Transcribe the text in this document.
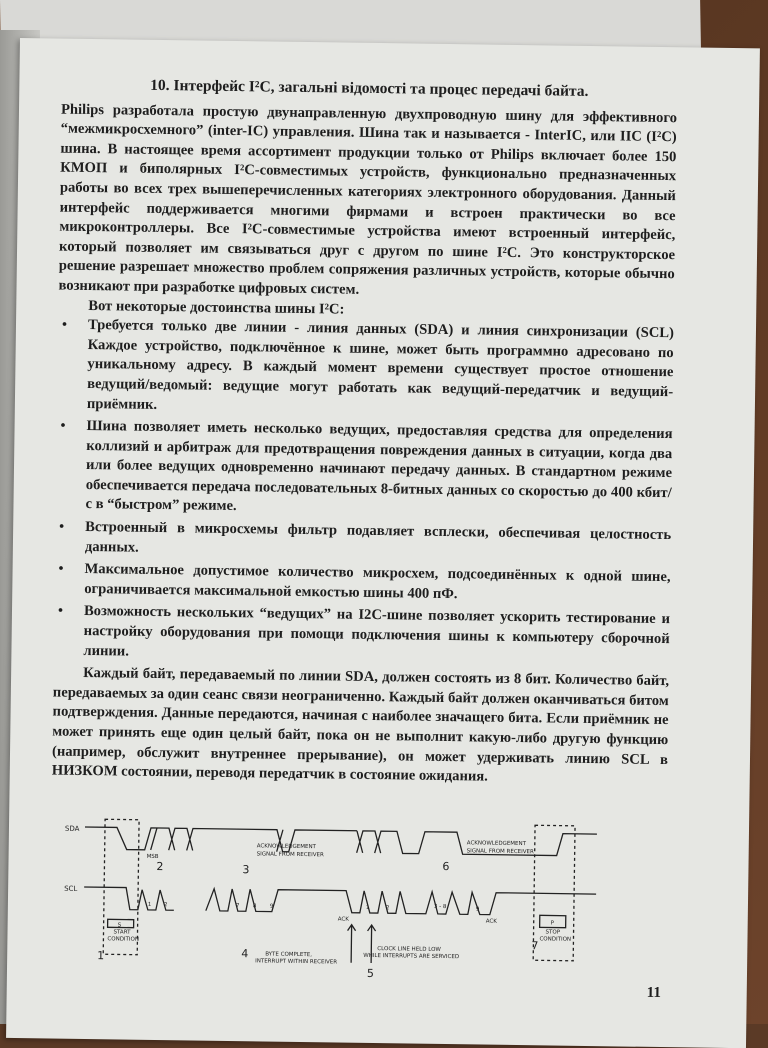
10. Інтерфейс I²C, загальні відомості та процес передачі байта.

Philips разработала простую двунаправленную двухпроводную шину для эффективного “межмикросхемного” (inter-IC) управления. Шина так и называется - InterIC, или IIC (I²C) шина. В настоящее время ассортимент продукции только от Philips включает более 150 КМОП и биполярных I²C-совместимых устройств, функционально предназначенных работы во всех трех вышеперечисленных категориях электронного оборудования. Данный интерфейс поддерживается многими фирмами и встроен практически во все микроконтроллеры. Все I²C-совместимые устройства имеют встроенный интерфейс, который позволяет им связываться друг с другом по шине I²C. Это конструкторское решение разрешает множество проблем сопряжения различных устройств, которые обычно возникают при разработке цифровых систем.

Вот некоторые достоинства шины I²C:

• Требуется только две линии - линия данных (SDA) и линия синхронизации (SCL) Каждое устройство, подключённое к шине, может быть программно адресовано по уникальному адресу. В каждый момент времени существует простое отношение ведущий/ведомый: ведущие могут работать как ведущий-передатчик и ведущий-приёмник.
• Шина позволяет иметь несколько ведущих, предоставляя средства для определения коллизий и арбитраж для предотвращения повреждения данных в ситуации, когда два или более ведущих одновременно начинают передачу данных. В стандартном режиме обеспечивается передача последовательных 8-битных данных со скоростью до 400 кбит/с в “быстром” режиме.
• Встроенный в микросхемы фильтр подавляет всплески, обеспечивая целостность данных.
• Максимальное допустимое количество микросхем, подсоединённых к одной шине, ограничивается максимальной емкостью шины 400 пФ.
• Возможность нескольких “ведущих” на I2C-шине позволяет ускорить тестирование и настройку оборудования при помощи подключения шины к компьютеру сборочной линии.

Каждый байт, передаваемый по линии SDA, должен состоять из 8 бит. Количество байт, передаваемых за один сеанс связи неограниченно. Каждый байт должен оканчиваться битом подтверждения. Данные передаются, начиная с наиболее значащего бита. Если приёмник не может принять еще один целый байт, пока он не выполнит какую-либо другую функцию (например, обслужит внутреннее прерывание), он может удерживать линию SCL в НИЗКОМ состоянии, переводя передатчик в состояние ожидания.

SDA
SCL
MSB
ACKNOWLEDGEMENT
SIGNAL FROM RECEIVER
ACKNOWLEDGEMENT
SIGNAL FROM RECEIVER
START
CONDITION
STOP
CONDITION
S	P
BYTE COMPLETE,
INTERRUPT WITHIN RECEIVER
CLOCK LINE HELD LOW
WHILE INTERRUPTS ARE SERVICED
ACK	ACK
1 2	7 8 9	1	2	3 - 8	9
1
2	3
4
5
6
7
11
